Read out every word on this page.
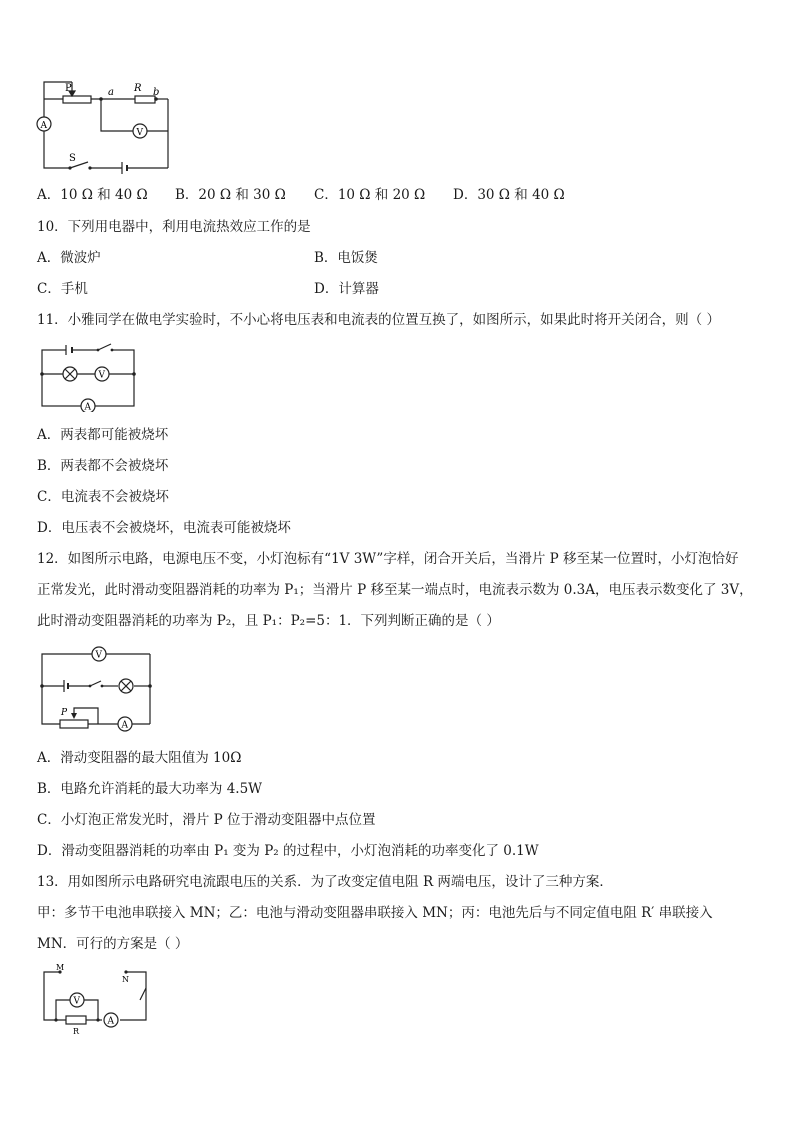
P	a R b
A
V
S
A．10 Ω 和 40 Ω B．20 Ω 和 30 Ω C．10 Ω 和 20 Ω D．30 Ω 和 40 Ω
10．下列用电器中，利用电流热效应工作的是
A．微波炉	B．电饭煲
C．手机	D．计算器
11．小雅同学在做电学实验时，不小心将电压表和电流表的位置互换了，如图所示，如果此时将开关闭合，则（ ）
V
A
A．两表都可能被烧坏
B．两表都不会被烧坏
C．电流表不会被烧坏
D．电压表不会被烧坏，电流表可能被烧坏
12．如图所示电路，电源电压不变，小灯泡标有“1V 3W”字样，闭合开关后，当滑片 P 移至某一位置时，小灯泡恰好
正常发光，此时滑动变阻器消耗的功率为 P₁；当滑片 P 移至某一端点时，电流表示数为 0.3A，电压表示数变化了 3V，
此时滑动变阻器消耗的功率为 P₂，且 P₁：P₂=5：1．下列判断正确的是（ ）
V
A
P
A．滑动变阻器的最大阻值为 10Ω
B．电路允许消耗的最大功率为 4.5W
C．小灯泡正常发光时，滑片 P 位于滑动变阻器中点位置
D．滑动变阻器消耗的功率由 P₁ 变为 P₂ 的过程中，小灯泡消耗的功率变化了 0.1W
13．用如图所示电路研究电流跟电压的关系．为了改变定值电阻 R 两端电压，设计了三种方案．
甲：多节干电池串联接入 MN；乙：电池与滑动变阻器串联接入 MN；丙：电池先后与不同定值电阻 R′ 串联接入
MN．可行的方案是（ ）
V
A
M
N
R
